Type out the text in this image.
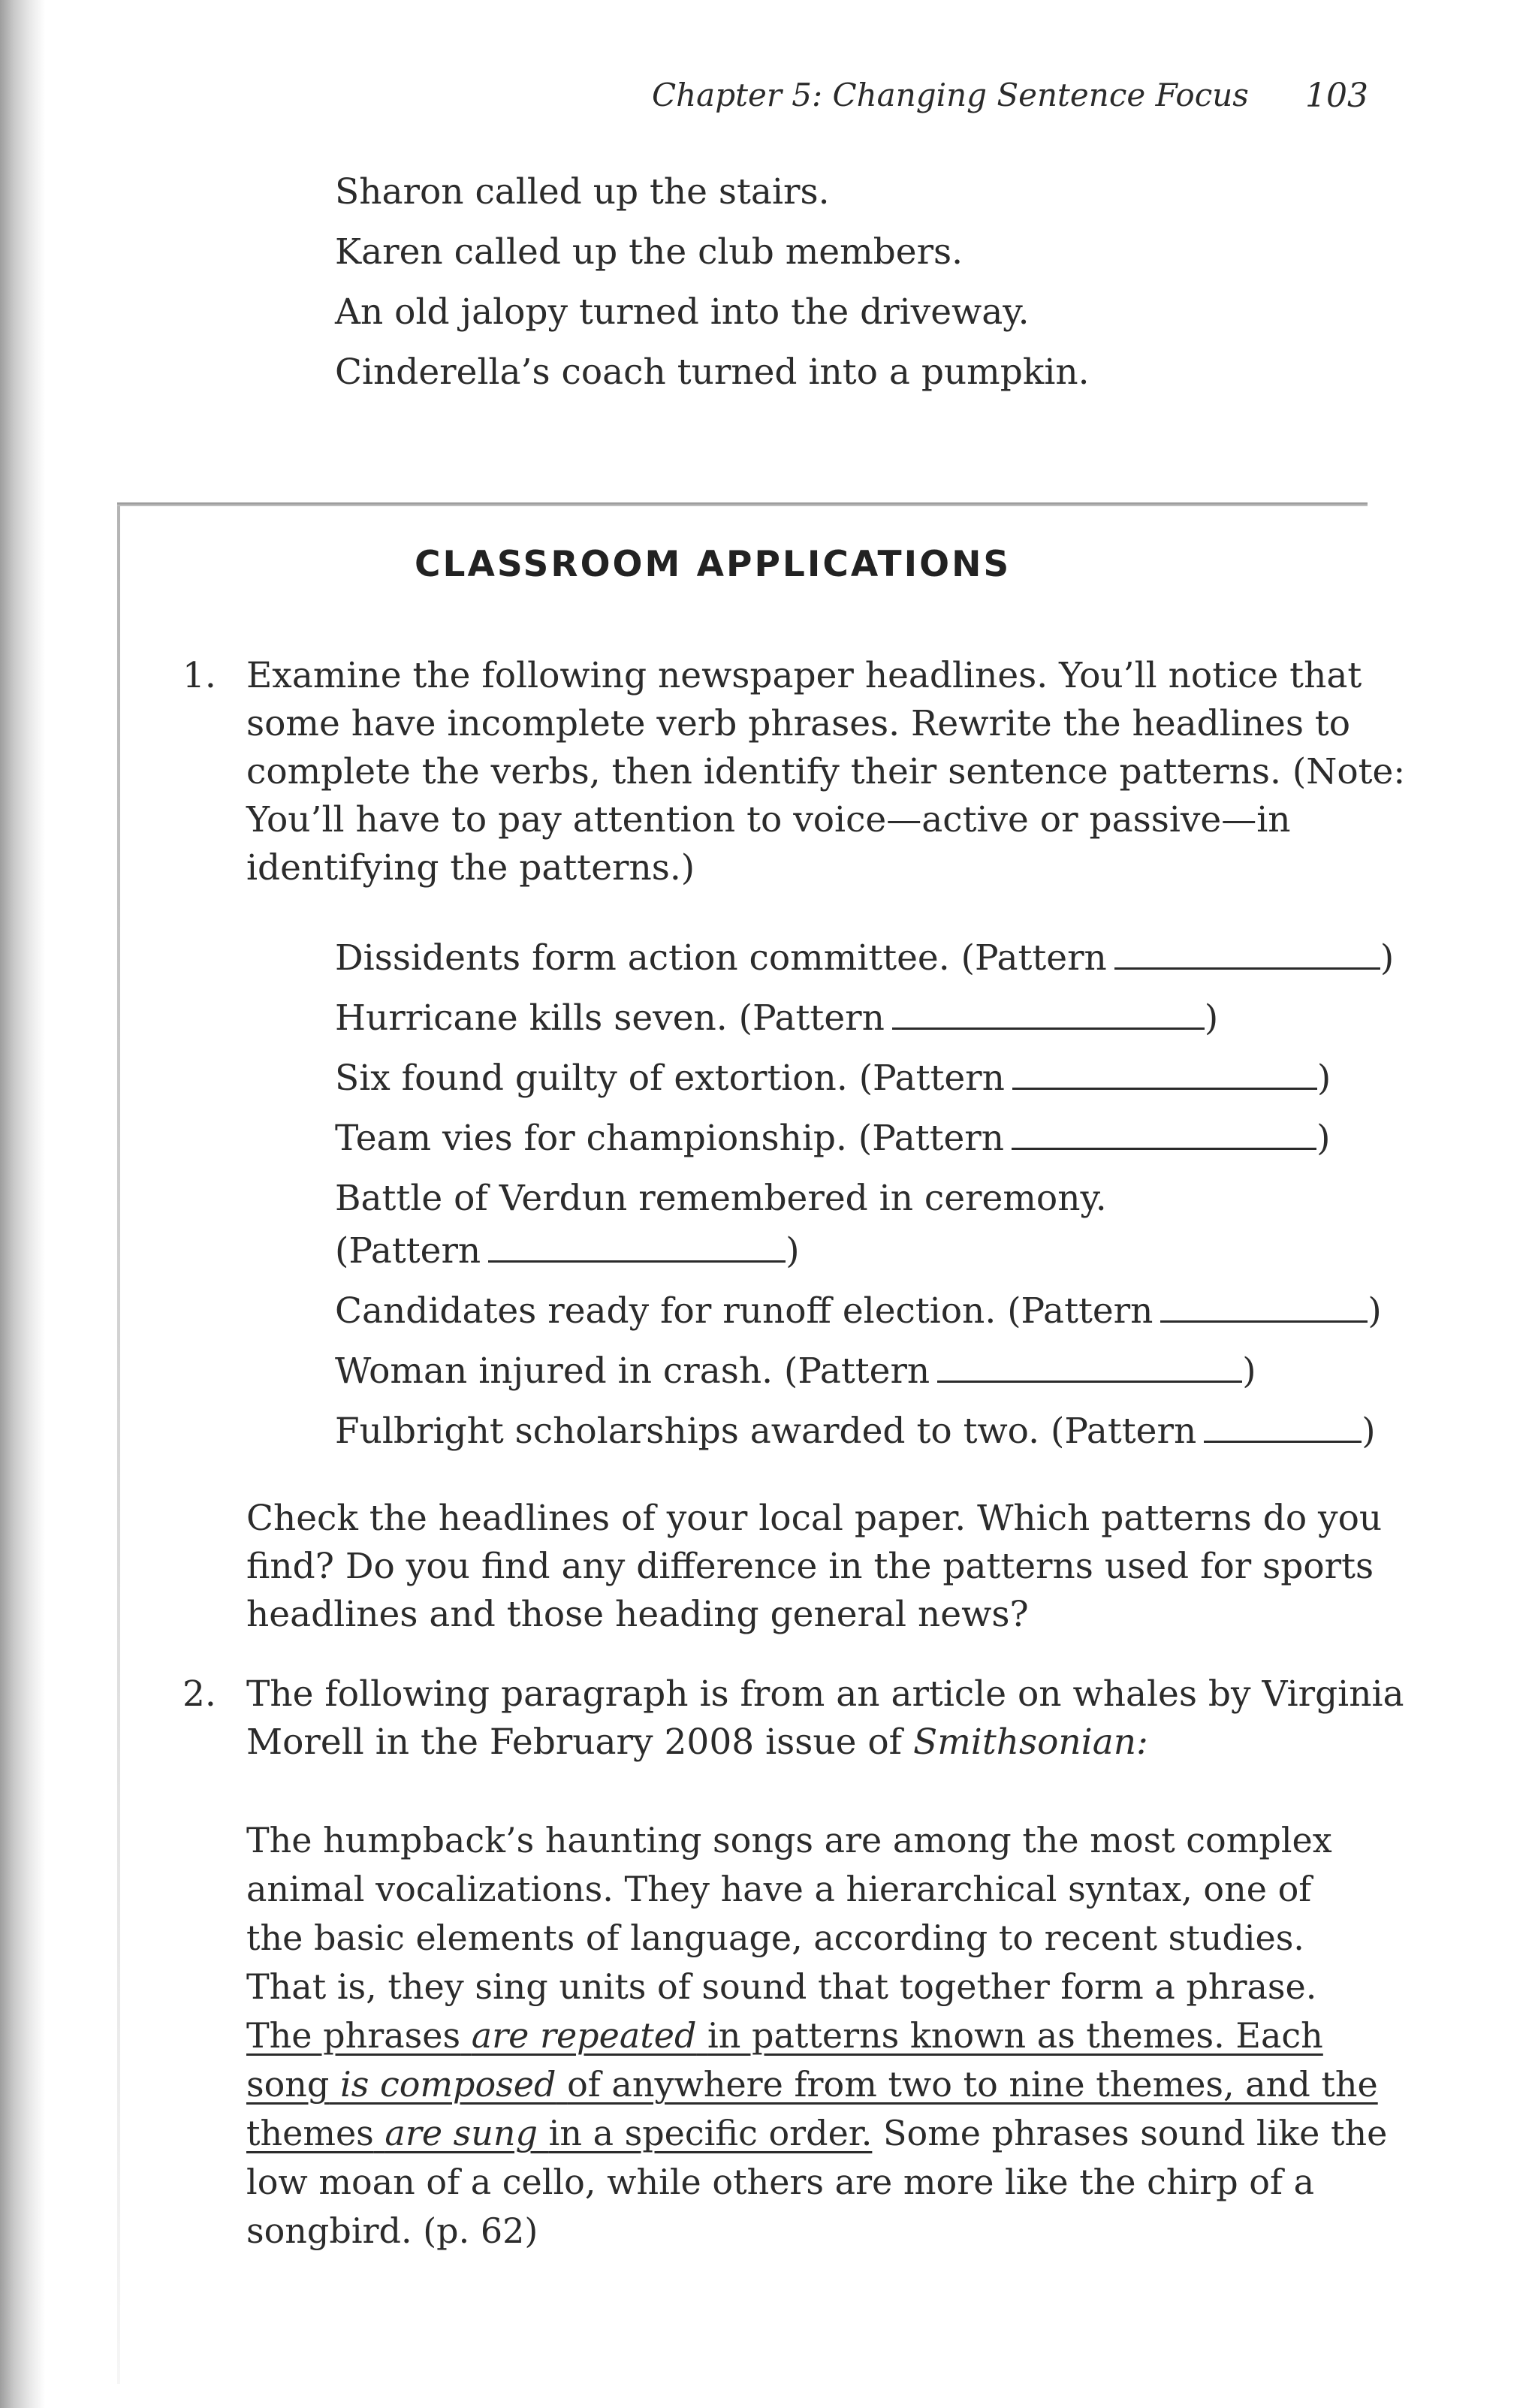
Chapter 5: Changing Sentence Focus 103
Sharon called up the stairs.
Karen called up the club members.
An old jalopy turned into the driveway.
Cinderella’s coach turned into a pumpkin.
CLASSROOM APPLICATIONS
1. Examine the following newspaper headlines. You’ll notice that
some have incomplete verb phrases. Rewrite the headlines to
complete the verbs, then identify their sentence patterns. (Note:
You’ll have to pay attention to voice—active or passive—in
identifying the patterns.)
Dissidents form action committee. (Pattern	)
Hurricane kills seven. (Pattern	)
Six found guilty of extortion. (Pattern	)
Team vies for championship. (Pattern	)
Battle of Verdun remembered in ceremony.
(Pattern	)
Candidates ready for runoff election. (Pattern	)
Woman injured in crash. (Pattern	)
Fulbright scholarships awarded to two. (Pattern	)
Check the headlines of your local paper. Which patterns do you
find? Do you find any difference in the patterns used for sports
headlines and those heading general news?
2. The following paragraph is from an article on whales by Virginia
Morell in the February 2008 issue of Smithsonian:
The humpback’s haunting songs are among the most complex
animal vocalizations. They have a hierarchical syntax, one of
the basic elements of language, according to recent studies.
That is, they sing units of sound that together form a phrase.
The phrases are repeated in patterns known as themes. Each
song is composed of anywhere from two to nine themes, and the
themes are sung in a specific order. Some phrases sound like the
low moan of a cello, while others are more like the chirp of a
songbird. (p. 62)
